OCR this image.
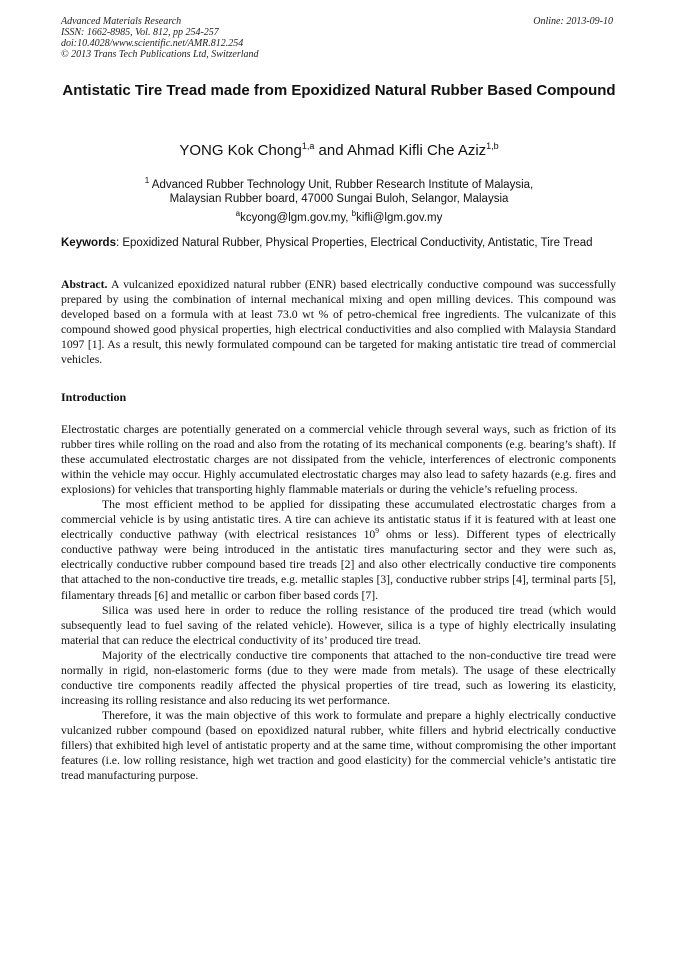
Advanced Materials Research
ISSN: 1662-8985, Vol. 812, pp 254-257
doi:10.4028/www.scientific.net/AMR.812.254
© 2013 Trans Tech Publications Ltd, Switzerland
Online: 2013-09-10
Antistatic Tire Tread made from Epoxidized Natural Rubber Based Compound
YONG Kok Chong$^{1,a}$ and Ahmad Kifli Che Aziz$^{1,b}$
$^1$ Advanced Rubber Technology Unit, Rubber Research Institute of Malaysia,
Malaysian Rubber board, 47000 Sungai Buloh, Selangor, Malaysia
$^a$kcyong@lgm.gov.my, $^b$kifli@lgm.gov.my
Keywords: Epoxidized Natural Rubber, Physical Properties, Electrical Conductivity, Antistatic, Tire Tread
Abstract. A vulcanized epoxidized natural rubber (ENR) based electrically conductive compound was successfully prepared by using the combination of internal mechanical mixing and open milling devices. This compound was developed based on a formula with at least 73.0 wt % of petro-chemical free ingredients. The vulcanizate of this compound showed good physical properties, high electrical conductivities and also complied with Malaysia Standard 1097 [1]. As a result, this newly formulated compound can be targeted for making antistatic tire tread of commercial vehicles.
Introduction

Electrostatic charges are potentially generated on a commercial vehicle through several ways, such as friction of its rubber tires while rolling on the road and also from the rotating of its mechanical components (e.g. bearing’s shaft). If these accumulated electrostatic charges are not dissipated from the vehicle, interferences of electronic components within the vehicle may occur. Highly accumulated electrostatic charges may also lead to safety hazards (e.g. fires and explosions) for vehicles that transporting highly flammable materials or during the vehicle’s refueling process.

The most efficient method to be applied for dissipating these accumulated electrostatic charges from a commercial vehicle is by using antistatic tires. A tire can achieve its antistatic status if it is featured with at least one electrically conductive pathway (with electrical resistances $10^9$ ohms or less). Different types of electrically conductive pathway were being introduced in the antistatic tires manufacturing sector and they were such as, electrically conductive rubber compound based tire treads [2] and also other electrically conductive tire components that attached to the non-conductive tire treads, e.g. metallic staples [3], conductive rubber strips [4], terminal parts [5], filamentary threads [6] and metallic or carbon fiber based cords [7].

Silica was used here in order to reduce the rolling resistance of the produced tire tread (which would subsequently lead to fuel saving of the related vehicle). However, silica is a type of highly electrically insulating material that can reduce the electrical conductivity of its’ produced tire tread.

Majority of the electrically conductive tire components that attached to the non-conductive tire tread were normally in rigid, non-elastomeric forms (due to they were made from metals). The usage of these electrically conductive tire components readily affected the physical properties of tire tread, such as lowering its elasticity, increasing its rolling resistance and also reducing its wet performance.

Therefore, it was the main objective of this work to formulate and prepare a highly electrically conductive vulcanized rubber compound (based on epoxidized natural rubber, white fillers and hybrid electrically conductive fillers) that exhibited high level of antistatic property and at the same time, without compromising the other important features (i.e. low rolling resistance, high wet traction and good elasticity) for the commercial vehicle’s antistatic tire tread manufacturing purpose.
